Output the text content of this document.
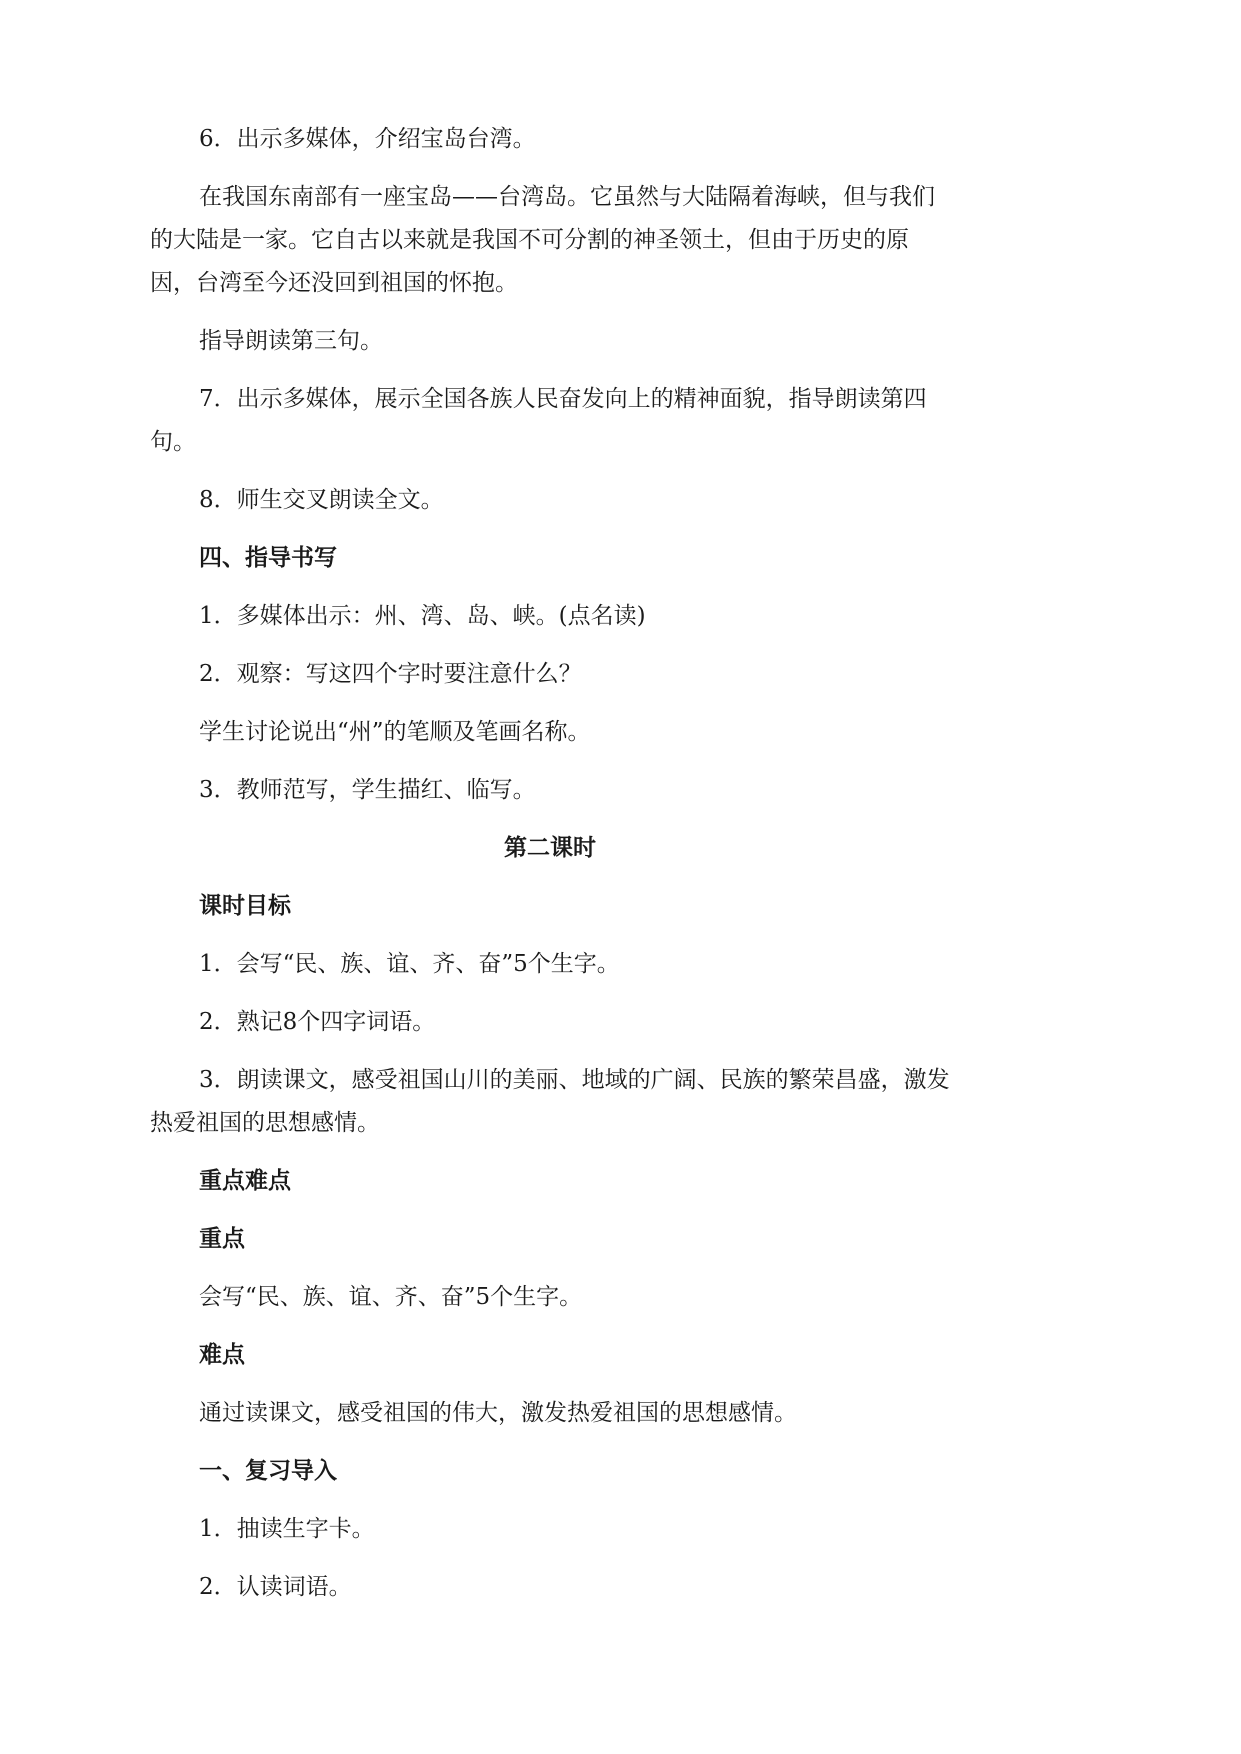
6．出示多媒体，介绍宝岛台湾。

在我国东南部有一座宝岛——台湾岛。它虽然与大陆隔着海峡，但与我们的大陆是一家。它自古以来就是我国不可分割的神圣领土，但由于历史的原因，台湾至今还没回到祖国的怀抱。

指导朗读第三句。

7．出示多媒体，展示全国各族人民奋发向上的精神面貌，指导朗读第四句。

8．师生交叉朗读全文。

四、指导书写

1．多媒体出示：州、湾、岛、峡。(点名读)

2．观察：写这四个字时要注意什么？

学生讨论说出“州”的笔顺及笔画名称。

3．教师范写，学生描红、临写。

第二课时

课时目标

1．会写“民、族、谊、齐、奋”5个生字。

2．熟记8个四字词语。

3．朗读课文，感受祖国山川的美丽、地域的广阔、民族的繁荣昌盛，激发热爱祖国的思想感情。

重点难点

重点

会写“民、族、谊、齐、奋”5个生字。

难点

通过读课文，感受祖国的伟大，激发热爱祖国的思想感情。

一、复习导入

1．抽读生字卡。

2．认读词语。
